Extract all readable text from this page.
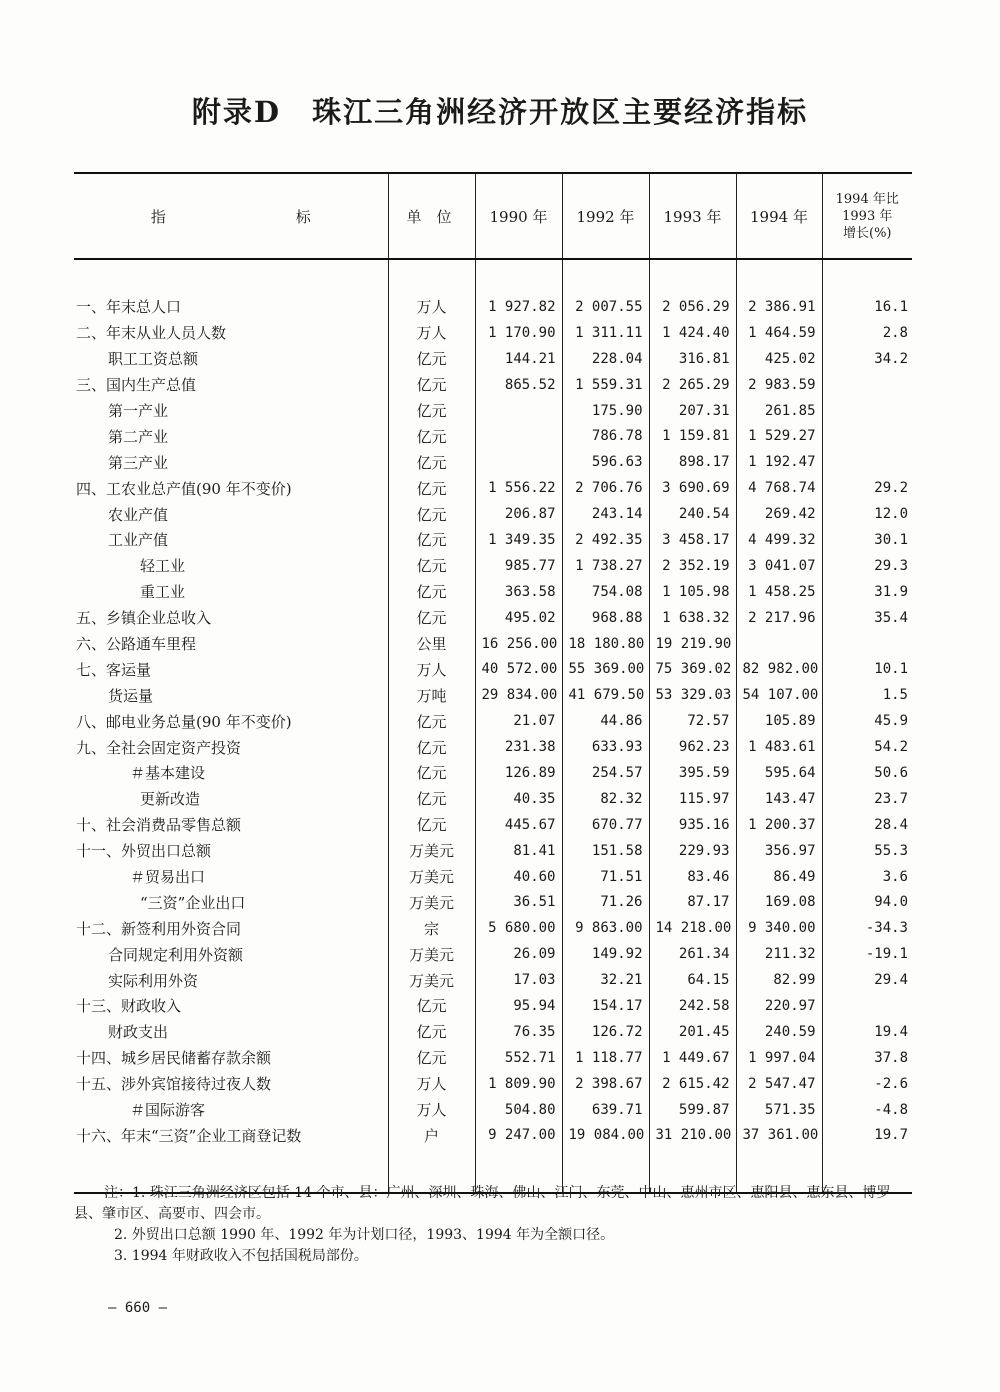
附录D　珠江三角洲经济开放区主要经济指标
指 标	单　位	1990 年	1992 年	1993 年	1994 年	1994 年比
1993 年
增长(%)

一、年末总人口	万人	1 927.82	2 007.55	2 056.29	2 386.91	16.1
二、年末从业人员人数	万人	1 170.90	1 311.11	1 424.40	1 464.59	2.8
职工工资总额	亿元	144.21	228.04	316.81	425.02	34.2
三、国内生产总值	亿元	865.52	1 559.31	2 265.29	2 983.59	
第一产业	亿元		175.90	207.31	261.85	
第二产业	亿元		786.78	1 159.81	1 529.27	
第三产业	亿元		596.63	898.17	1 192.47	
四、工农业总产值(90 年不变价)	亿元	1 556.22	2 706.76	3 690.69	4 768.74	29.2
农业产值	亿元	206.87	243.14	240.54	269.42	12.0
工业产值	亿元	1 349.35	2 492.35	3 458.17	4 499.32	30.1
轻工业	亿元	985.77	1 738.27	2 352.19	3 041.07	29.3
重工业	亿元	363.58	754.08	1 105.98	1 458.25	31.9
五、乡镇企业总收入	亿元	495.02	968.88	1 638.32	2 217.96	35.4
六、公路通车里程	公里	16 256.00	18 180.80	19 219.90		
七、客运量	万人	40 572.00	55 369.00	75 369.02	82 982.00	10.1
货运量	万吨	29 834.00	41 679.50	53 329.03	54 107.00	1.5
八、邮电业务总量(90 年不变价)	亿元	21.07	44.86	72.57	105.89	45.9
九、全社会固定资产投资	亿元	231.38	633.93	962.23	1 483.61	54.2
＃基本建设	亿元	126.89	254.57	395.59	595.64	50.6
更新改造	亿元	40.35	82.32	115.97	143.47	23.7
十、社会消费品零售总额	亿元	445.67	670.77	935.16	1 200.37	28.4
十一、外贸出口总额	万美元	81.41	151.58	229.93	356.97	55.3
＃贸易出口	万美元	40.60	71.51	83.46	86.49	3.6
“三资”企业出口	万美元	36.51	71.26	87.17	169.08	94.0
十二、新签利用外资合同	宗	5 680.00	9 863.00	14 218.00	9 340.00	-34.3
合同规定利用外资额	万美元	26.09	149.92	261.34	211.32	-19.1
实际利用外资	万美元	17.03	32.21	64.15	82.99	29.4
十三、财政收入	亿元	95.94	154.17	242.58	220.97	
财政支出	亿元	76.35	126.72	201.45	240.59	19.4
十四、城乡居民储蓄存款余额	亿元	552.71	1 118.77	1 449.67	1 997.04	37.8
十五、涉外宾馆接待过夜人数	万人	1 809.90	2 398.67	2 615.42	2 547.47	-2.6
＃国际游客	万人	504.80	639.71	599.87	571.35	-4.8
十六、年末“三资”企业工商登记数	户	9 247.00	19 084.00	31 210.00	37 361.00	19.7

注：1. 珠江三角洲经济区包括 14 个市、县：广州、深圳、珠海、佛山、江门、东莞、中山、惠州市区、惠阳县、惠东县、博罗县、肇市区、高要市、四会市。
2. 外贸出口总额 1990 年、1992 年为计划口径，1993、1994 年为全额口径。
3. 1994 年财政收入不包括国税局部份。
— 660 —
